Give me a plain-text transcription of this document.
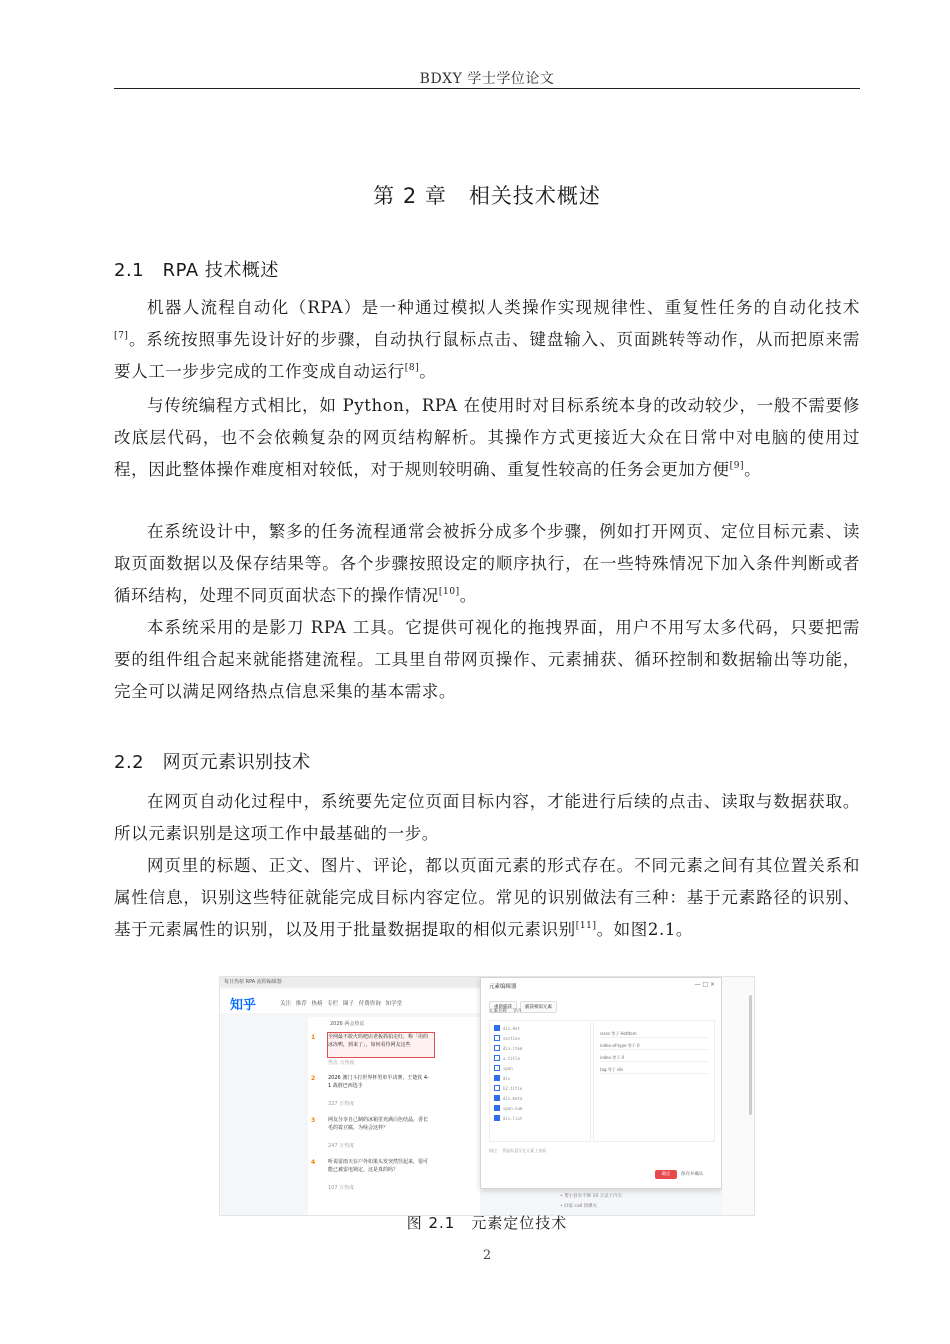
BDXY 学士学位论文
第 2 章　相关技术概述
2.1　RPA 技术概述
机器人流程自动化（RPA）是一种通过模拟人类操作实现规律性、重复性任务的自动化技术[7]。系统按照事先设计好的步骤，自动执行鼠标点击、键盘输入、页面跳转等动作，从而把原来需要人工一步步完成的工作变成自动运行[8]。
与传统编程方式相比，如 Python，RPA 在使用时对目标系统本身的改动较少，一般不需要修改底层代码，也不会依赖复杂的网页结构解析。其操作方式更接近大众在日常中对电脑的使用过程，因此整体操作难度相对较低，对于规则较明确、重复性较高的任务会更加方便[9]。
在系统设计中，繁多的任务流程通常会被拆分成多个步骤，例如打开网页、定位目标元素、读取页面数据以及保存结果等。各个步骤按照设定的顺序执行，在一些特殊情况下加入条件判断或者循环结构，处理不同页面状态下的操作情况[10]。
本系统采用的是影刀 RPA 工具。它提供可视化的拖拽界面，用户不用写太多代码，只要把需要的组件组合起来就能搭建流程。工具里自带网页操作、元素捕获、循环控制和数据输出等功能，完全可以满足网络热点信息采集的基本需求。
2.2　网页元素识别技术
在网页自动化过程中，系统要先定位页面目标内容，才能进行后续的点击、读取与数据获取。所以元素识别是这项工作中最基础的一步。
网页里的标题、正文、图片、评论，都以页面元素的形式存在。不同元素之间有其位置关系和属性信息，识别这些特征就能完成目标内容定位。常见的识别做法有三种：基于元素路径的识别、基于元素属性的识别，以及用于批量数据提取的相似元素识别[11]。如图2.1。
每日热榜 RPA 流程编辑器
知乎	关注 推荐 热榜 专栏 圈子 付费咨询 知学堂
2026 两会热议
1	全网最不敢火吗吧店老板抓拍走红，称「用的冰冻鸭，到来了」，如何看待网友这些
热点 万热度
2	2026 澳门斗打世界杯男单半决赛，王楚钦 4-1 战胜巴西选手
327 万热度
3	网友分享自己制的冰箱里充满白色结晶，香长毛的霉豆腐，为啥会这样？
247 万热度
4	听说雷雨天在户外如果头发突然竖起来，很可能已被雷电锁定，这是真的吗？
107 万热度
元素编辑器	— □ ×
重新捕获	捕获相似元素
元素名称 节点
div.Hot
section
div.item
a.title
span
div
h2.title
div.meta
span.num
div.list
class 等于 HotItem
index-of-type 等于 0
index 等于 0
tag 等于 div
路径： 将鼠标悬浮在元素上查看
确定	保存并确认
• 帮小县有不够 10 万以下汽车
• 回家 call 到爆火
图 2.1　元素定位技术
2
